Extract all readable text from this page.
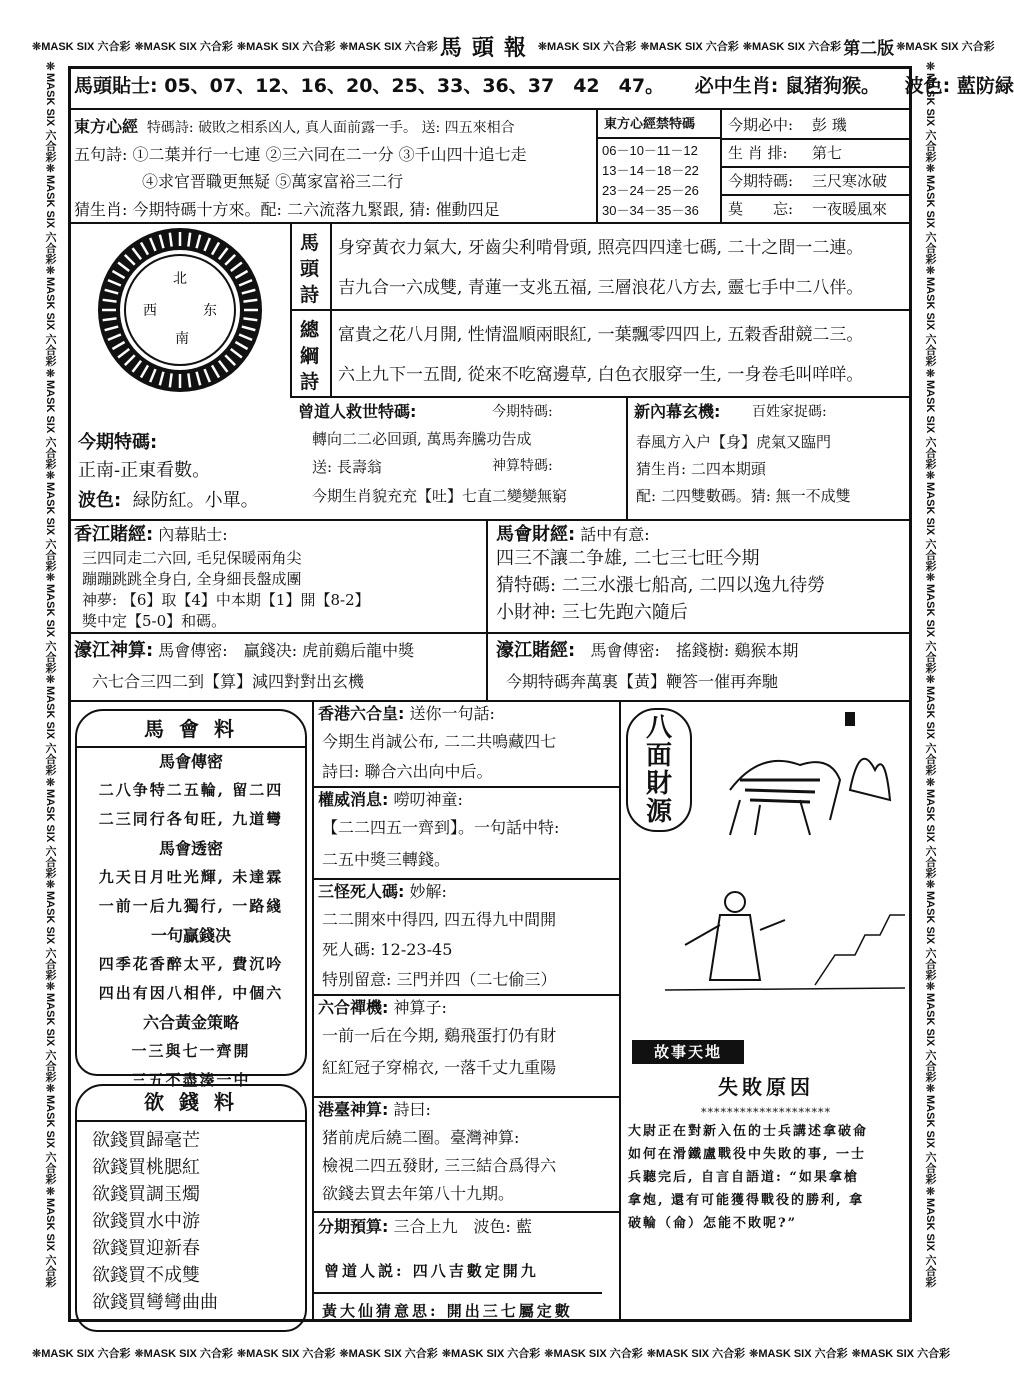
❊MASK SIX 六合彩 ❊MASK SIX 六合彩 ❊MASK SIX 六合彩 ❊MASK SIX 六合彩 馬頭報 ❊MASK SIX 六合彩 ❊MASK SIX 六合彩 ❊MASK SIX 六合彩 第二版 ❊MASK SIX 六合彩
❊MASK SIX 六合彩 ❊MASK SIX 六合彩 ❊MASK SIX 六合彩 ❊MASK SIX 六合彩 ❊MASK SIX 六合彩 ❊MASK SIX 六合彩 ❊MASK SIX 六合彩 ❊MASK SIX 六合彩 ❊MASK SIX 六合彩
❊MASK SIX 六合彩❊MASK SIX 六合彩❊MASK SIX 六合彩❊MASK SIX 六合彩❊MASK SIX 六合彩❊MASK SIX 六合彩❊MASK SIX 六合彩❊MASK SIX 六合彩❊MASK SIX 六合彩❊MASK SIX 六合彩❊MASK SIX 六合彩❊MASK SIX 六合彩
❊MASK SIX 六合彩❊MASK SIX 六合彩❊MASK SIX 六合彩❊MASK SIX 六合彩❊MASK SIX 六合彩❊MASK SIX 六合彩❊MASK SIX 六合彩❊MASK SIX 六合彩❊MASK SIX 六合彩❊MASK SIX 六合彩❊MASK SIX 六合彩❊MASK SIX 六合彩
馬頭貼士: 05、07、12、16、20、25、33、36、37　42　47。 必中生肖: 鼠猪狗猴。 波色: 藍防緑
東方心經 特碼詩: 破敗之相系凶人, 真人面前露一手。 送: 四五來相合
五句詩: ①二葉并行一七連 ②三六同在二一分 ③千山四十追七走
④求官晋職更無疑 ⑤萬家富裕三二行
猜生肖: 今期特碼十方來。配: 二六流落九緊跟, 猜: 催動四足
東方心經禁特碼
06－10－11－12
13－14－18－22
23－24－25－26
30－34－35－36
今期必中: 彭 璣
生 肖 排: 第七
今期特碼: 三尺寒冰破
莫　　忘: 一夜暖風來
北
西	东
南
馬
頭
詩
身穿黃衣力氣大, 牙齒尖利啃骨頭, 照亮四四達七碼, 二十之間一二連。
吉九合一六成雙, 青蓮一支兆五福, 三層浪花八方去, 靈七手中二八伴。
總
綱
詩
富貴之花八月開, 性情溫順兩眼紅, 一葉飄零四四上, 五穀香甜競二三。
六上九下一五間, 從來不吃窩邊草, 白色衣服穿一生, 一身卷毛叫咩咩。
今期特碼:
正南-正東看數。
波色: 緑防紅。小單。
曾道人救世特碼:	今期特碼:
轉向二二必回頭, 萬馬奔騰功告成
送: 長壽翁	神算特碼:
今期生肖貌充充【吐】七直二變變無窮
新內幕玄機: 百姓家捉碼:
春風方入户【身】虎氣又臨門
猜生肖: 二四本期頭
配: 二四雙數碼。猜: 無一不成雙
香江賭經: 內幕貼士:
三四同走二六回, 毛兒保暖兩角尖
蹦蹦跳跳全身白, 全身細長盤成團
神夢: 【6】取【4】中本期【1】開【8-2】
獎中定【5-0】和碼。
馬會財經: 話中有意:
四三不讓二争雄, 二七三七旺今期
猜特碼: 二三水漲七船高, 二四以逸九待勞
小財神: 三七先跑六隨后
濠江神算: 馬會傳密:　贏錢决: 虎前鷄后龍中獎
六七合三四二到【算】減四對對出玄機
濠江賭經: 馬會傳密:　搖錢樹: 鷄猴本期
今期特碼奔萬裏【黃】鞭答一催再奔馳
馬 會 料
馬會傳密
二八争特二五輪, 留二四
二三同行各旬旺, 九道彎
馬會透密
九天日月吐光輝, 未達霖
一前一后九獨行, 一路綫
一句贏錢决
四季花香醉太平, 費沉吟
四出有因八相伴, 中個六
六合黃金策略
一三與七一齊開
三五不盡湊一中
欲 錢 料
欲錢買歸毫芒
欲錢買桃腮紅
欲錢買調玉燭
欲錢買水中游
欲錢買迎新春
欲錢買不成雙
欲錢買彎彎曲曲
香港六合皇: 送你一句話:
今期生肖誠公布, 二二共鳴藏四七
詩曰: 聯合六出向中后。
權威消息: 嘮叨神童:
【二二四五一齊到】。一句話中特:
二五中獎三轉錢。
三怪死人碼: 妙解:
二二開來中得四, 四五得九中間開
死人碼: 12-23-45
特別留意: 三門并四（二七偷三）
六合禪機: 神算子:
一前一后在今期, 鷄飛蛋打仍有財
紅紅冠子穿棉衣, 一落千丈九重陽
港臺神算: 詩曰:
猪前虎后繞二圈。臺灣神算:
檢視二四五發財, 三三結合爲得六
欲錢去買去年第八十九期。
分期預算: 三合上九　波色: 藍
曾道人説: 四八吉數定開九
黃大仙猜意思: 開出三七屬定數
八
面
財
源
故事天地
失敗原因
********************
大尉正在對新入伍的士兵講述拿破侖
如何在滑鐵盧戰役中失敗的事, 一士
兵聽完后, 自言自語道: “如果拿槍
拿炮, 還有可能獲得戰役的勝利, 拿
破輪（侖）怎能不敗呢?”
